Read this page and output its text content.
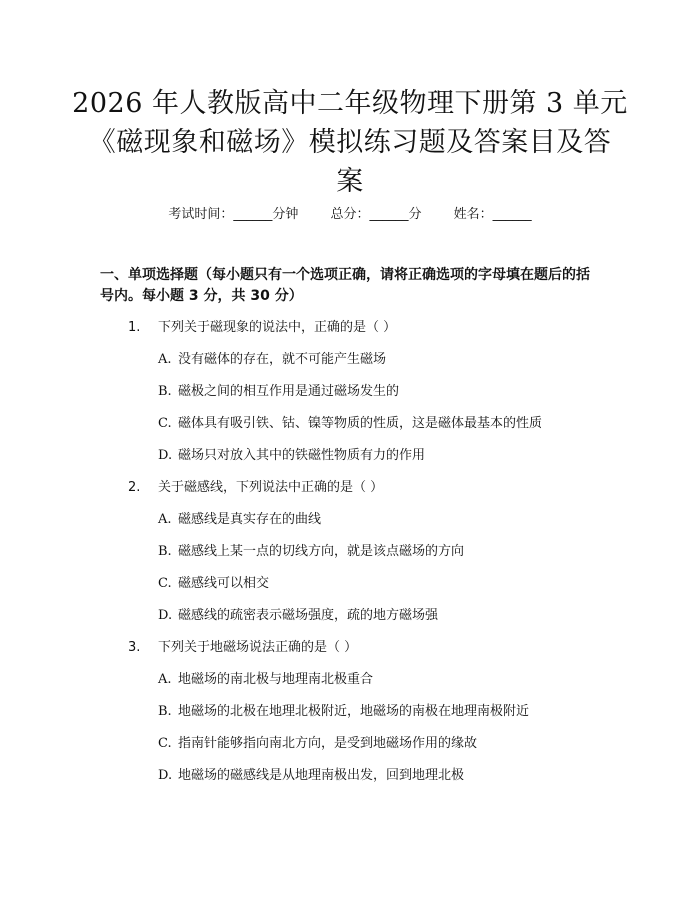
2026 年人教版高中二年级物理下册第 3 单元
《磁现象和磁场》模拟练习题及答案目及答
案
考试时间：______分钟 总分：______分 姓名：______

一、单项选择题（每小题只有一个选项正确，请将正确选项的字母填在题后的括号内。每小题 3 分，共 30 分）

1. 下列关于磁现象的说法中，正确的是（ ）
A. 没有磁体的存在，就不可能产生磁场
B. 磁极之间的相互作用是通过磁场发生的
C. 磁体具有吸引铁、钴、镍等物质的性质，这是磁体最基本的性质
D. 磁场只对放入其中的铁磁性物质有力的作用
2. 关于磁感线，下列说法中正确的是（ ）
A. 磁感线是真实存在的曲线
B. 磁感线上某一点的切线方向，就是该点磁场的方向
C. 磁感线可以相交
D. 磁感线的疏密表示磁场强度，疏的地方磁场强
3. 下列关于地磁场说法正确的是（ ）
A. 地磁场的南北极与地理南北极重合
B. 地磁场的北极在地理北极附近，地磁场的南极在地理南极附近
C. 指南针能够指向南北方向，是受到地磁场作用的缘故
D. 地磁场的磁感线是从地理南极出发，回到地理北极
